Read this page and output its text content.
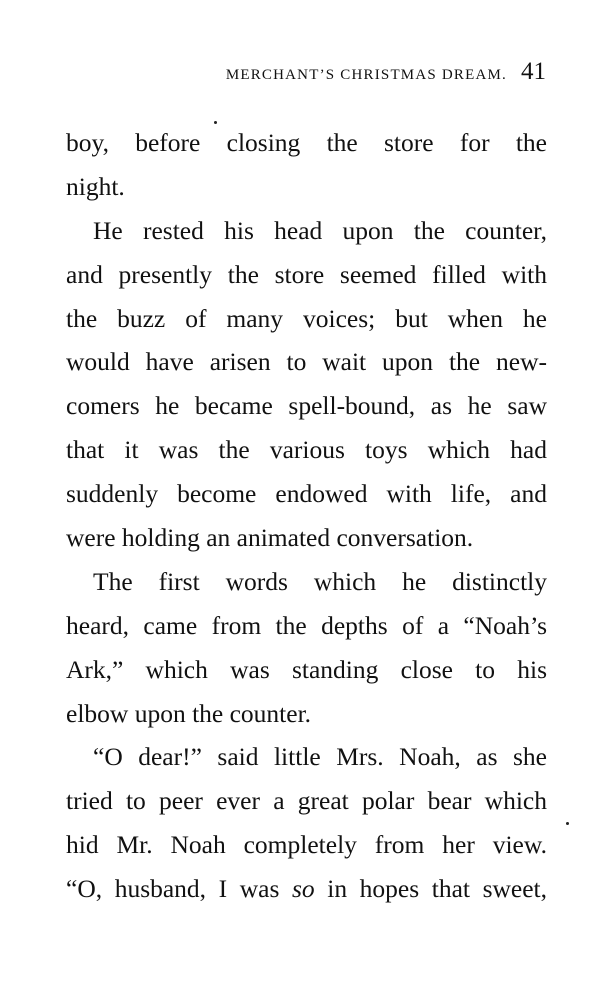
MERCHANT’S CHRISTMAS DREAM. 41
boy, before closing the store for the
night.
He rested his head upon the counter,
and presently the store seemed filled with
the buzz of many voices; but when he
would have arisen to wait upon the new-
comers he became spell-bound, as he saw
that it was the various toys which had
suddenly become endowed with life, and
were holding an animated conversation.
The first words which he distinctly
heard, came from the depths of a “Noah’s
Ark,” which was standing close to his
elbow upon the counter.
“O dear!” said little Mrs. Noah, as she
tried to peer ever a great polar bear which
hid Mr. Noah completely from her view.
“O, husband, I was so in hopes that sweet,
